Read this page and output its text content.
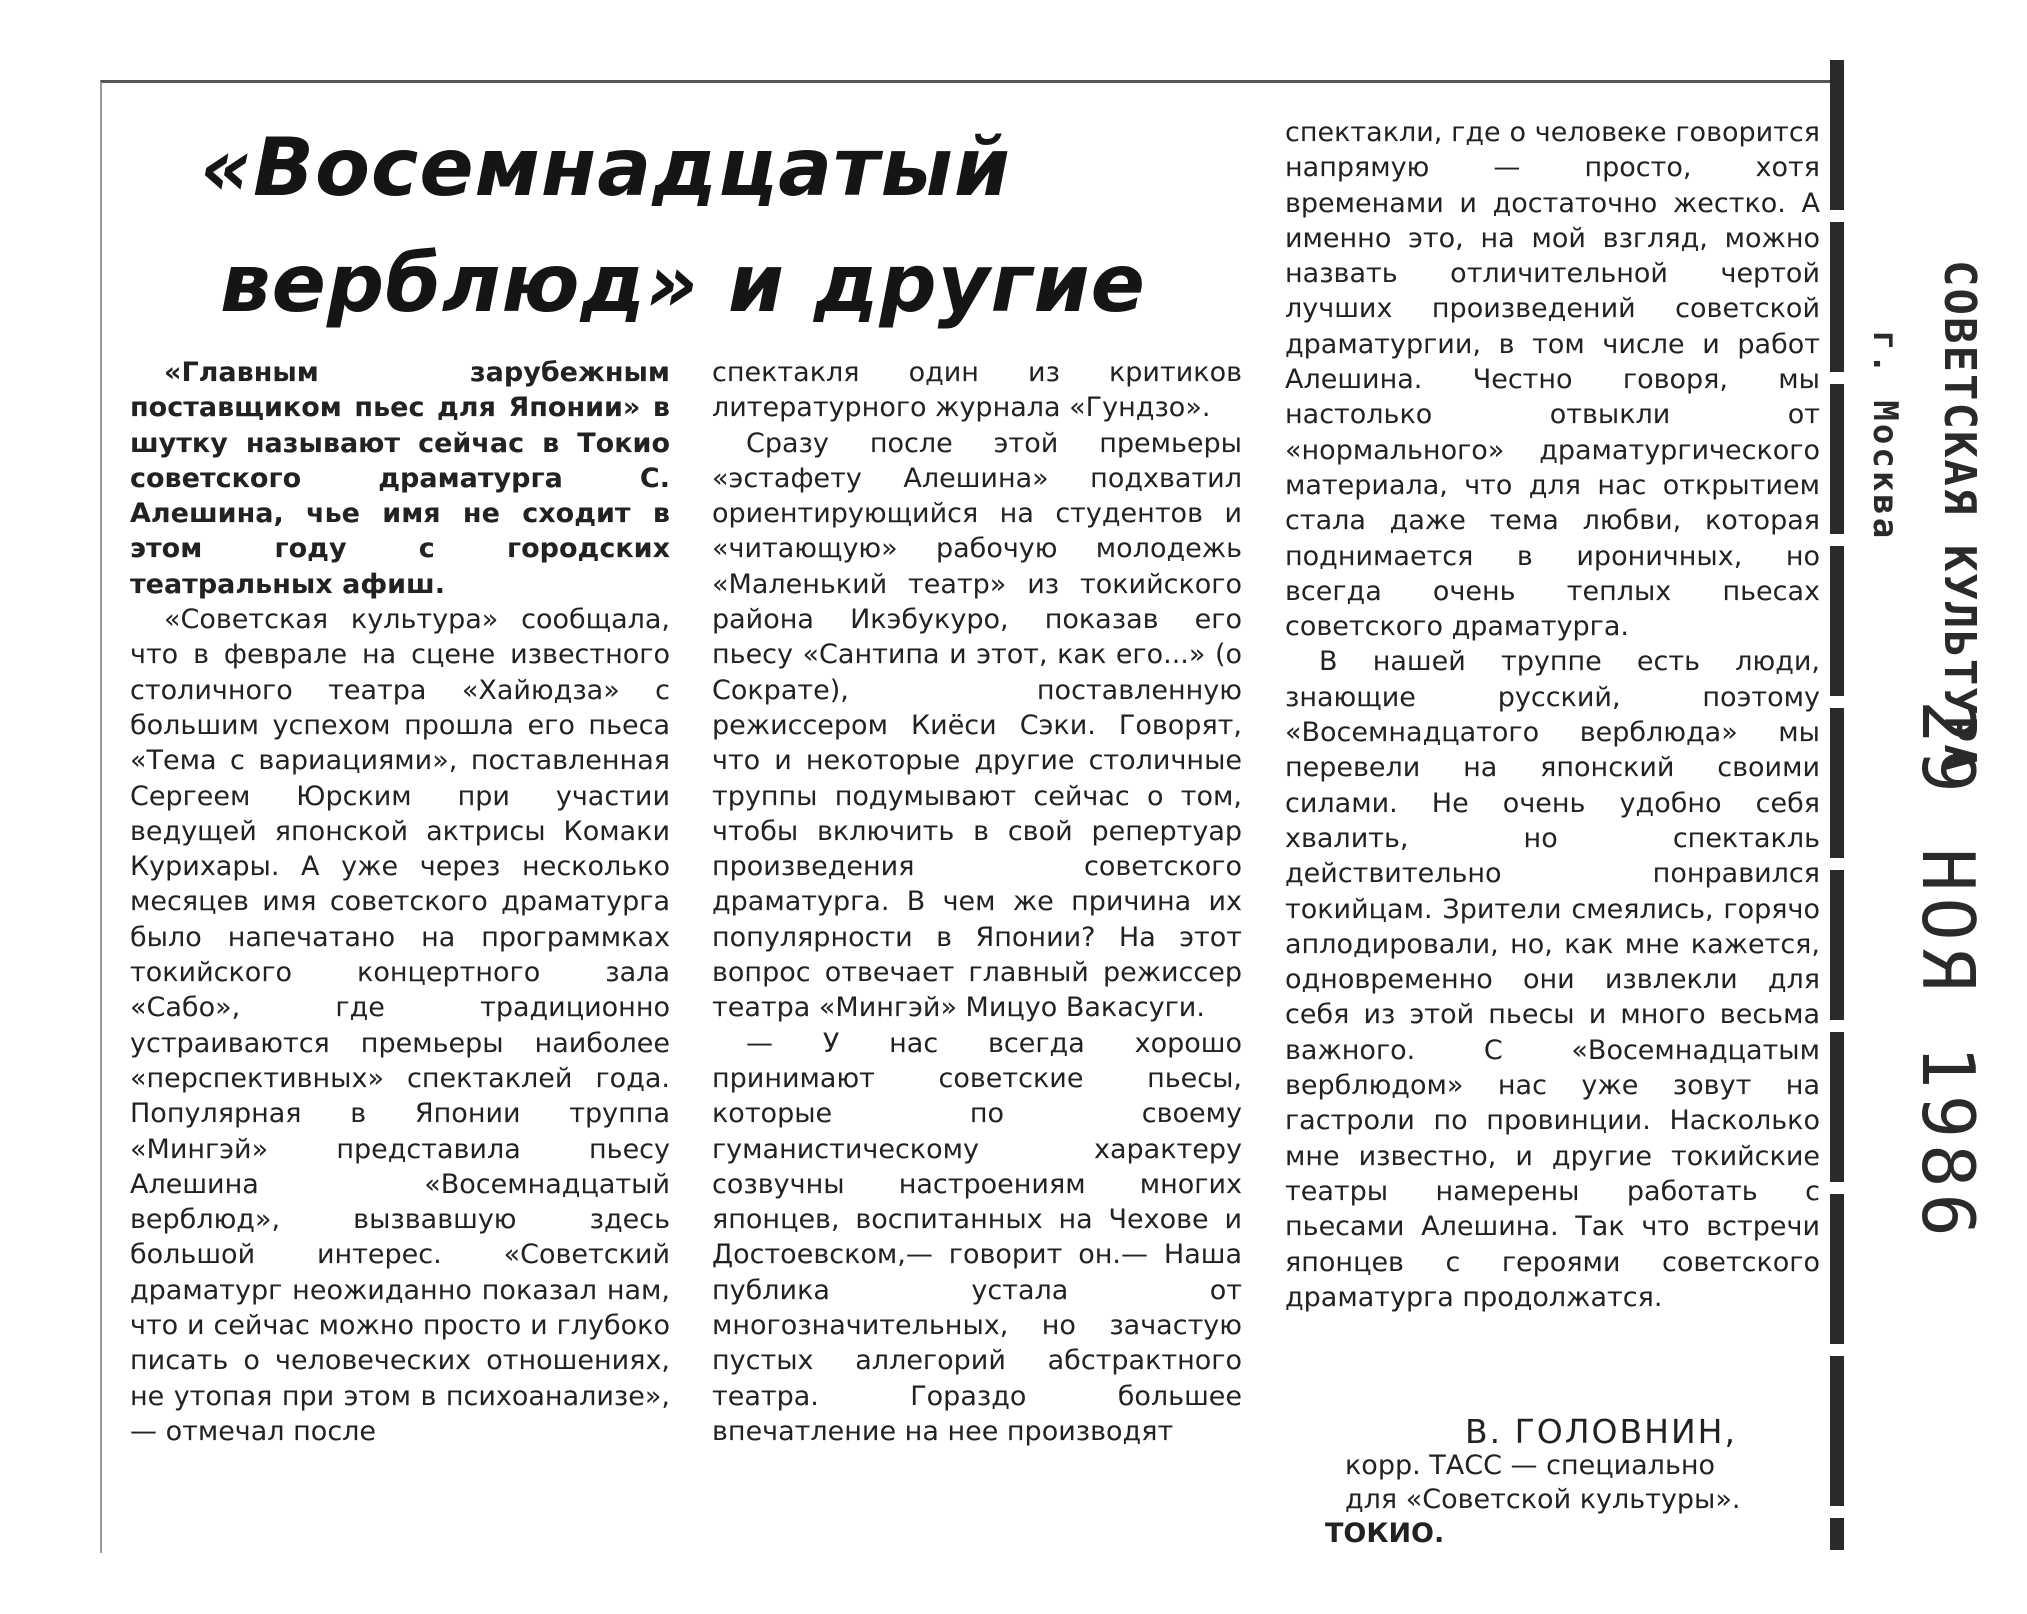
«Восемнадцатый
верблюд» и другие

«Главным зарубежным поставщиком пьес для Японии» в шутку называют сейчас в Токио советского драматурга С. Алешина, чье имя не сходит в этом году с городских театральных афиш.

«Советская культура» сообщала, что в феврале на сцене известного столичного театра «Хайюдза» с большим успехом прошла его пьеса «Тема с вариациями», поставленная Сергеем Юрским при участии ведущей японской актрисы Комаки Курихары. А уже через несколько месяцев имя советского драматурга было напечатано на программках токийского концертного зала «Сабо», где традиционно устраиваются премьеры наиболее «перспективных» спектаклей года. Популярная в Японии труппа «Мингэй» представила пьесу Алешина «Восемнадцатый верблюд», вызвавшую здесь большой интерес. «Советский драматург неожиданно показал нам, что и сейчас можно просто и глубоко писать о человеческих отношениях, не утопая при этом в психоанализе»,— отмечал после

спектакля один из критиков литературного журнала «Гундзо».

Сразу после этой премьеры «эстафету Алешина» подхватил ориентирующийся на студентов и «читающую» рабочую молодежь «Маленький театр» из токийского района Икэбукуро, показав его пьесу «Сантипа и этот, как его...» (о Сократе), поставленную режиссером Киёси Сэки. Говорят, что и некоторые другие столичные труппы подумывают сейчас о том, чтобы включить в свой репертуар произведения советского драматурга. В чем же причина их популярности в Японии? На этот вопрос отвечает главный режиссер театра «Мингэй» Мицуо Вакасуги.

— У нас всегда хорошо принимают советские пьесы, которые по своему гуманистическому характеру созвучны настроениям многих японцев, воспитанных на Чехове и Достоевском,— говорит он.— Наша публика устала от многозначительных, но зачастую пустых аллегорий абстрактного театра. Гораздо большее впечатление на нее производят

спектакли, где о человеке говорится напрямую — просто, хотя временами и достаточно жестко. А именно это, на мой взгляд, можно назвать отличительной чертой лучших произведений советской драматургии, в том числе и работ Алешина. Честно говоря, мы настолько отвыкли от «нормального» драматургического материала, что для нас открытием стала даже тема любви, которая поднимается в ироничных, но всегда очень теплых пьесах советского драматурга.

В нашей труппе есть люди, знающие русский, поэтому «Восемнадцатого верблюда» мы перевели на японский своими силами. Не очень удобно себя хвалить, но спектакль действительно понравился токийцам. Зрители смеялись, горячо аплодировали, но, как мне кажется, одновременно они извлекли для себя из этой пьесы и много весьма важного. С «Восемнадцатым верблюдом» нас уже зовут на гастроли по провинции. Насколько мне известно, и другие токийские театры намерены работать с пьесами Алешина. Так что встречи японцев с героями советского драматурга продолжатся.

В. ГОЛОВНИН,
корр. ТАСС — специально
для «Советской культуры».
ТОКИО.
СОВЕТСКАЯ КУЛЬТУРА
г. Москва
29 НОЯ 1986
